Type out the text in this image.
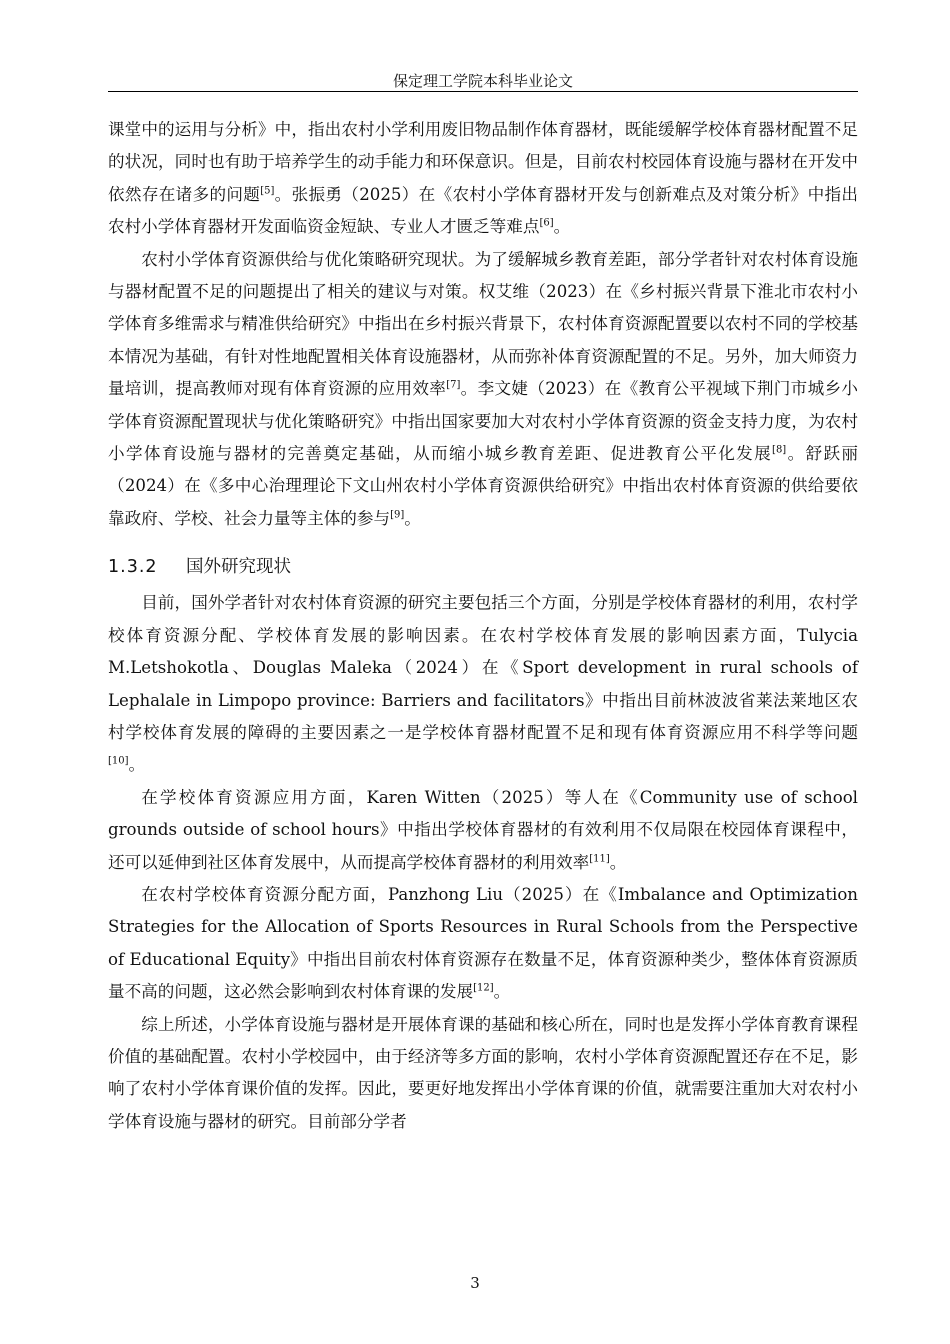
保定理工学院本科毕业论文

课堂中的运用与分析》中，指出农村小学利用废旧物品制作体育器材，既能缓解学校体育器材配置不足的状况，同时也有助于培养学生的动手能力和环保意识。但是，目前农村校园体育设施与器材在开发中依然存在诸多的问题[5]。张振勇（2025）在《农村小学体育器材开发与创新难点及对策分析》中指出农村小学体育器材开发面临资金短缺、专业人才匮乏等难点[6]。

农村小学体育资源供给与优化策略研究现状。为了缓解城乡教育差距，部分学者针对农村体育设施与器材配置不足的问题提出了相关的建议与对策。权艾维（2023）在《乡村振兴背景下淮北市农村小学体育多维需求与精准供给研究》中指出在乡村振兴背景下，农村体育资源配置要以农村不同的学校基本情况为基础，有针对性地配置相关体育设施器材，从而弥补体育资源配置的不足。另外，加大师资力量培训，提高教师对现有体育资源的应用效率[7]。李文婕（2023）在《教育公平视域下荆门市城乡小学体育资源配置现状与优化策略研究》中指出国家要加大对农村小学体育资源的资金支持力度，为农村小学体育设施与器材的完善奠定基础，从而缩小城乡教育差距、促进教育公平化发展[8]。舒跃丽（2024）在《多中心治理理论下文山州农村小学体育资源供给研究》中指出农村体育资源的供给要依靠政府、学校、社会力量等主体的参与[9]。

1.3.2 国外研究现状

目前，国外学者针对农村体育资源的研究主要包括三个方面，分别是学校体育器材的利用，农村学校体育资源分配、学校体育发展的影响因素。在农村学校体育发展的影响因素方面，Tulycia M.Letshokotla、Douglas Maleka（2024）在《Sport development in rural schools of Lephalale in Limpopo province: Barriers and facilitators》中指出目前林波波省莱法莱地区农村学校体育发展的障碍的主要因素之一是学校体育器材配置不足和现有体育资源应用不科学等问题[10]。

在学校体育资源应用方面，Karen Witten（2025）等人在《Community use of school grounds outside of school hours》中指出学校体育器材的有效利用不仅局限在校园体育课程中，还可以延伸到社区体育发展中，从而提高学校体育器材的利用效率[11]。

在农村学校体育资源分配方面，Panzhong Liu（2025）在《Imbalance and Optimization Strategies for the Allocation of Sports Resources in Rural Schools from the Perspective of Educational Equity》中指出目前农村体育资源存在数量不足，体育资源种类少，整体体育资源质量不高的问题，这必然会影响到农村体育课的发展[12]。

综上所述，小学体育设施与器材是开展体育课的基础和核心所在，同时也是发挥小学体育教育课程价值的基础配置。农村小学校园中，由于经济等多方面的影响，农村小学体育资源配置还存在不足，影响了农村小学体育课价值的发挥。因此，要更好地发挥出小学体育课的价值，就需要注重加大对农村小学体育设施与器材的研究。目前部分学者

3
